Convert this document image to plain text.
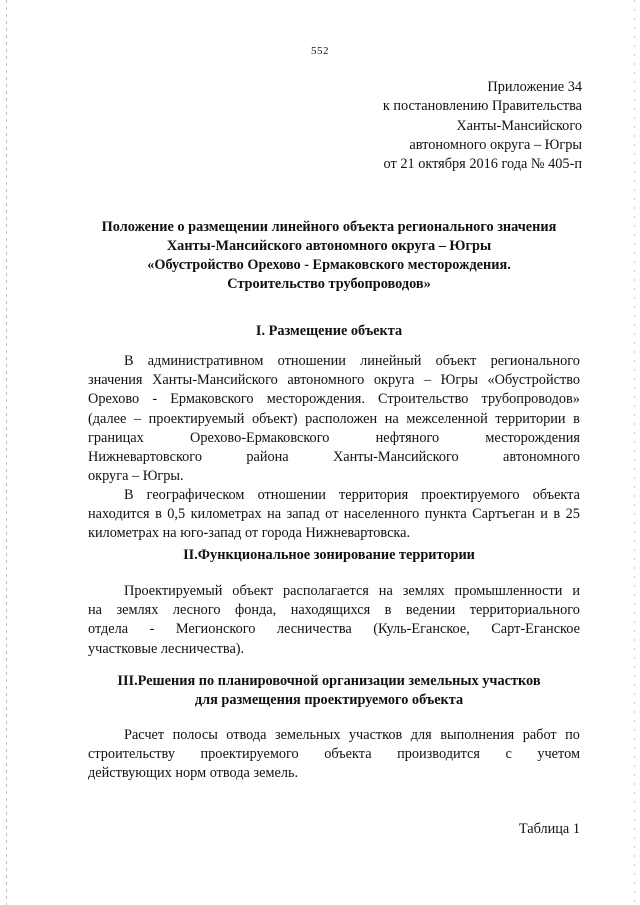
552
Приложение 34
к постановлению Правительства
Ханты-Мансийского
автономного округа – Югры
от 21 октября 2016 года № 405-п
Положение о размещении линейного объекта регионального значения
Ханты-Мансийского автономного округа – Югры
«Обустройство Орехово - Ермаковского месторождения.
Строительство трубопроводов»
I. Размещение объекта
В административном отношении линейный объект регионального
значения Ханты-Мансийского автономного округа – Югры «Обустройство
Орехово - Ермаковского месторождения. Строительство трубопроводов»
(далее – проектируемый объект) расположен на межселенной территории в
границах	Орехово-Ермаковского	нефтяного	месторождения
Нижневартовского	района	Ханты-Мансийского	автономного
округа – Югры.
В географическом отношении территория проектируемого объекта
находится в 0,5 километрах на запад от населенного пункта Сартъеган и в 25
километрах на юго-запад от города Нижневартовска.
II.Функциональное зонирование территории
Проектируемый объект располагается на землях промышленности и
на землях лесного фонда, находящихся в ведении территориального
отдела - Мегионского лесничества (Куль-Еганское, Сарт-Еганское
участковые лесничества).
III.Решения по планировочной организации земельных участков
для размещения проектируемого объекта
Расчет полосы отвода земельных участков для выполнения работ по
строительству проектируемого объекта производится с учетом
действующих норм отвода земель.
Таблица 1
